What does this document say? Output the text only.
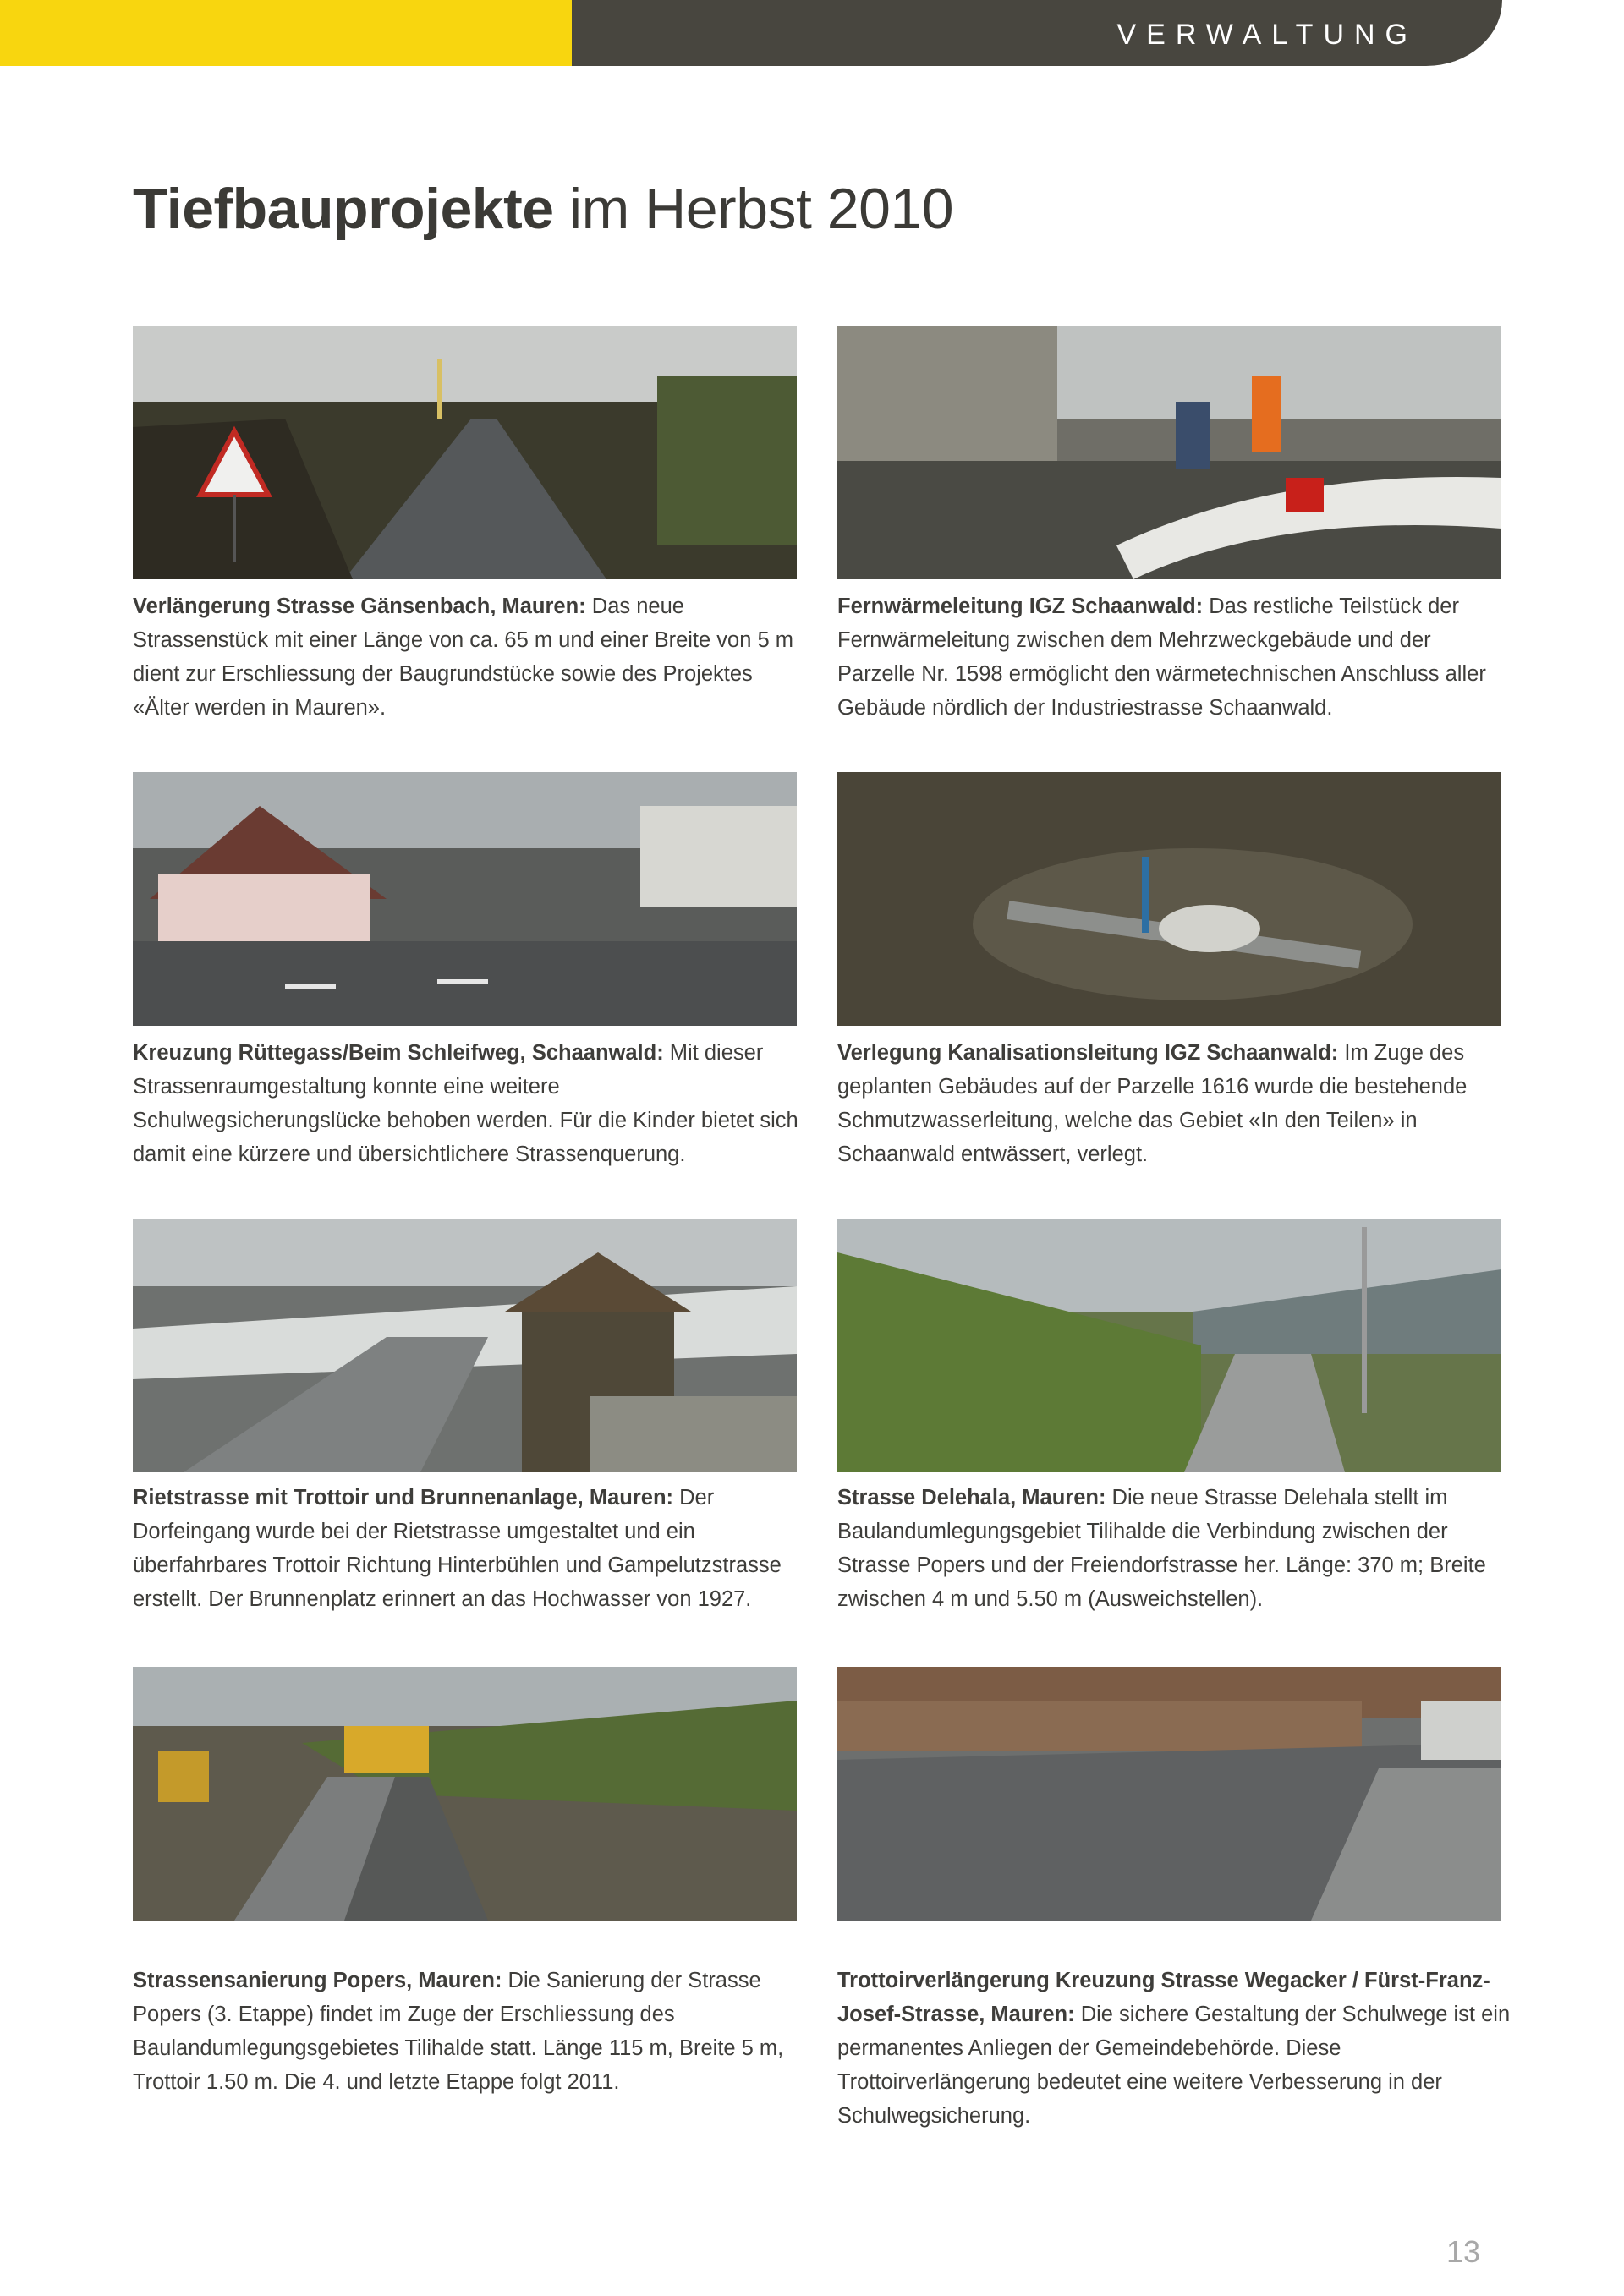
VERWALTUNG
Tiefbauprojekte im Herbst 2010

Verlängerung Strasse Gänsenbach, Mauren: Das neue Strassenstück mit einer Länge von ca. 65 m und einer Breite von 5 m dient zur Erschliessung der Baugrundstücke sowie des Projektes «Älter werden in Mauren».

Fernwärmeleitung IGZ Schaanwald: Das restliche Teilstück der Fernwärmeleitung zwischen dem Mehrzweckgebäude und der Parzelle Nr. 1598 ermöglicht den wärmetechnischen Anschluss aller Gebäude nördlich der Industriestrasse Schaanwald.

Kreuzung Rüttegass/Beim Schleifweg, Schaanwald: Mit dieser Strassenraumgestaltung konnte eine weitere Schulwegsicherungslücke behoben werden. Für die Kinder bietet sich damit eine kürzere und übersichtlichere Strassenquerung.

Verlegung Kanalisationsleitung IGZ Schaanwald: Im Zuge des geplanten Gebäudes auf der Parzelle 1616 wurde die bestehende Schmutzwasserleitung, welche das Gebiet «In den Teilen» in Schaanwald entwässert, verlegt.

Rietstrasse mit Trottoir und Brunnenanlage, Mauren: Der Dorfeingang wurde bei der Rietstrasse umgestaltet und ein überfahrbares Trottoir Richtung Hinterbühlen und Gampelutzstrasse erstellt. Der Brunnenplatz erinnert an das Hochwasser von 1927.

Strasse Delehala, Mauren: Die neue Strasse Delehala stellt im Baulandumlegungsgebiet Tilihalde die Verbindung zwischen der Strasse Popers und der Freiendorfstrasse her. Länge: 370 m; Breite zwischen 4 m und 5.50 m (Ausweichstellen).

Strassensanierung Popers, Mauren: Die Sanierung der Strasse Popers (3. Etappe) findet im Zuge der Erschliessung des Baulandumlegungsgebietes Tilihalde statt. Länge 115 m, Breite 5 m, Trottoir 1.50 m. Die 4. und letzte Etappe folgt 2011.

Trottoirverlängerung Kreuzung Strasse Wegacker / Fürst-Franz-Josef-Strasse, Mauren: Die sichere Gestaltung der Schulwege ist ein permanentes Anliegen der Gemeindebehörde. Diese Trottoirverlängerung bedeutet eine weitere Verbesserung in der Schulwegsicherung.

13
